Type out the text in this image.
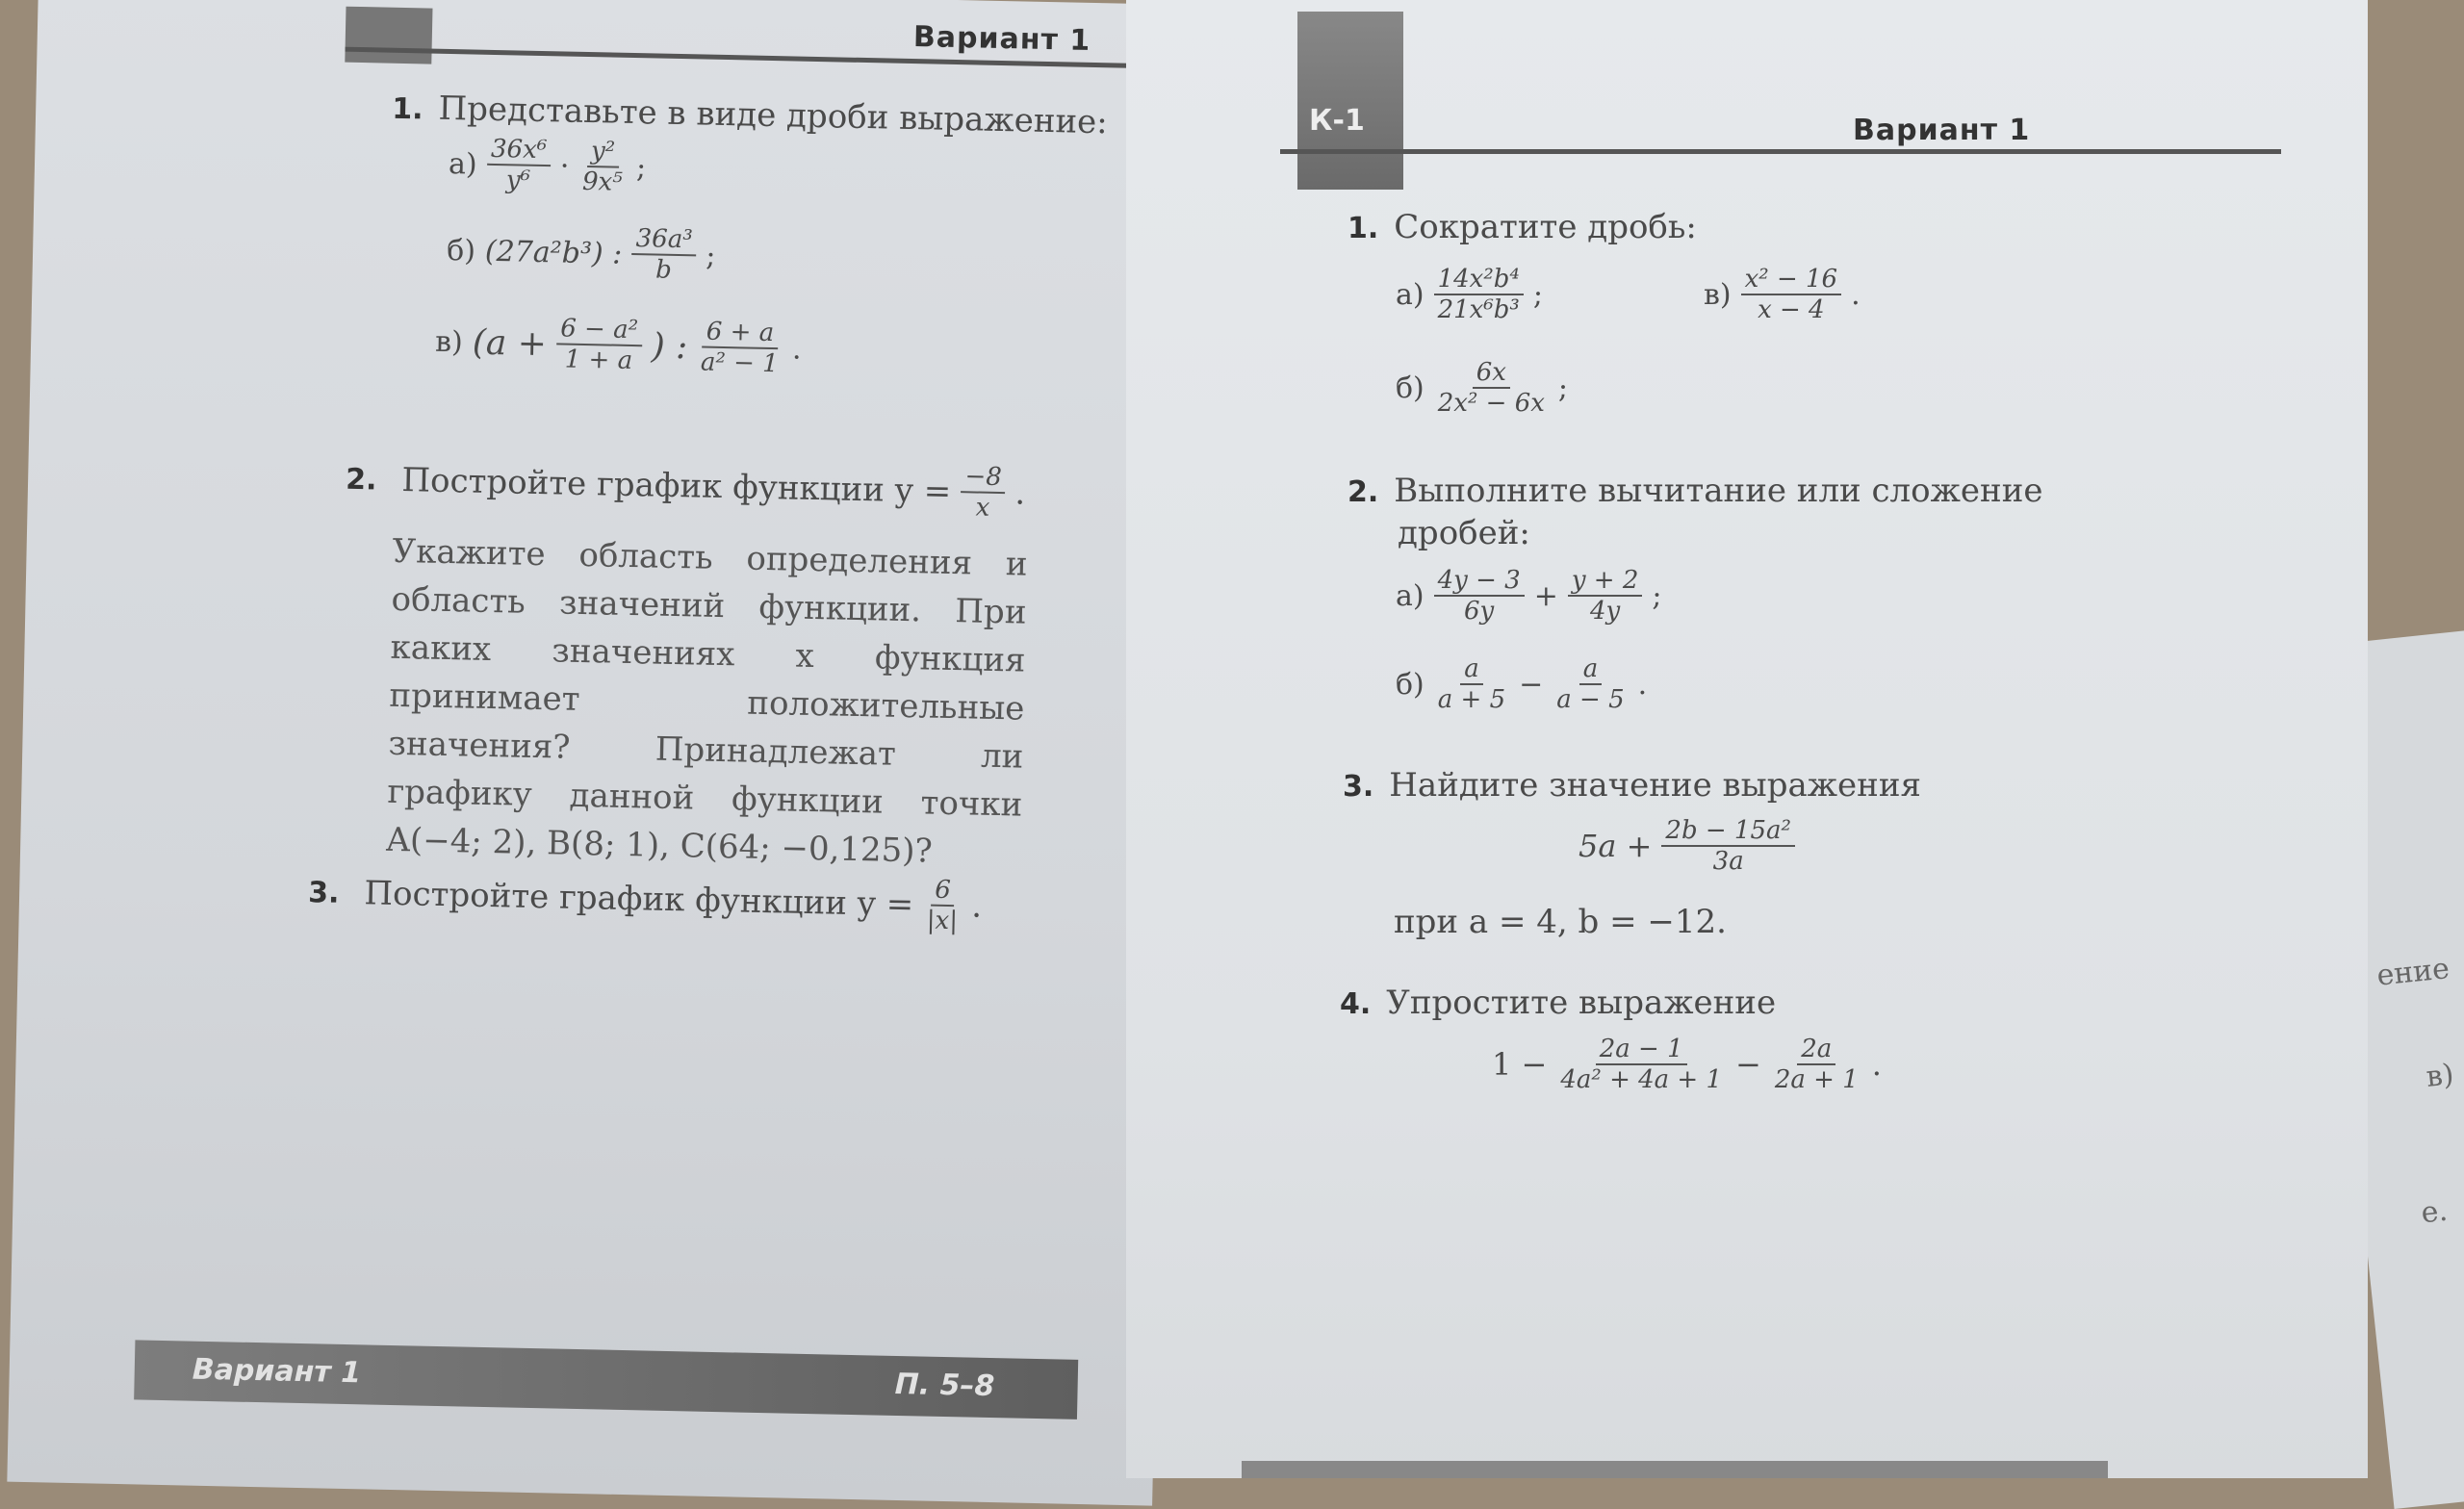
ение
в)
е.
Вариант 1
1. Представьте в виде дроби выражение:
$а) \frac{\text{36x⁶}}{\text{y⁶}} \cdot \frac{\text{y²}}{\text{9x⁵}}$ ;
б) (27a²b³) : $\frac{\text{36a³}}{b}$ ;
в) ($a + \frac{\text{6 − a²}}{1 + a}$ ) : $\frac{6 + a}{\text{a² − 1}}$ .
2. Постройте график функции $y = \frac{-8}{x}$ .
Укажите область определения и область значений функции. При каких значениях x функция принимает положительные значения? Принадлежат ли графику данной функции точки A(−4; 2), B(8; 1), C(64; −0,125)?
3. Постройте график функции $y = \frac{6}{|x|}$ .
Вариант 1	П. 5–8
К-1	Вариант 1
1. Сократите дробь:
$а) \frac{\text{14x²b⁴}}{\text{21x⁶b³}}$ ;	$в) \frac{\text{x² − 16}}{x - 4}$ .
$б) \frac{6x}{\text{2x² − 6x}}$ ;
2. Выполните вычитание или сложение
дробей:
$а) \frac{4y - 3}{6y} + \frac{y + 2}{4y}$ ;
$б) \frac{a}{a + 5} - \frac{a}{a - 5}$ .
3. Найдите значение выражения
$5a + \frac{\text{2b − 15a²}}{3a}$
при a = 4, b = −12.
4. Упростите выражение
$1 - \frac{2a - 1}{\text{4a² + 4a + 1}} - \frac{2a}{2a + 1}$ .
